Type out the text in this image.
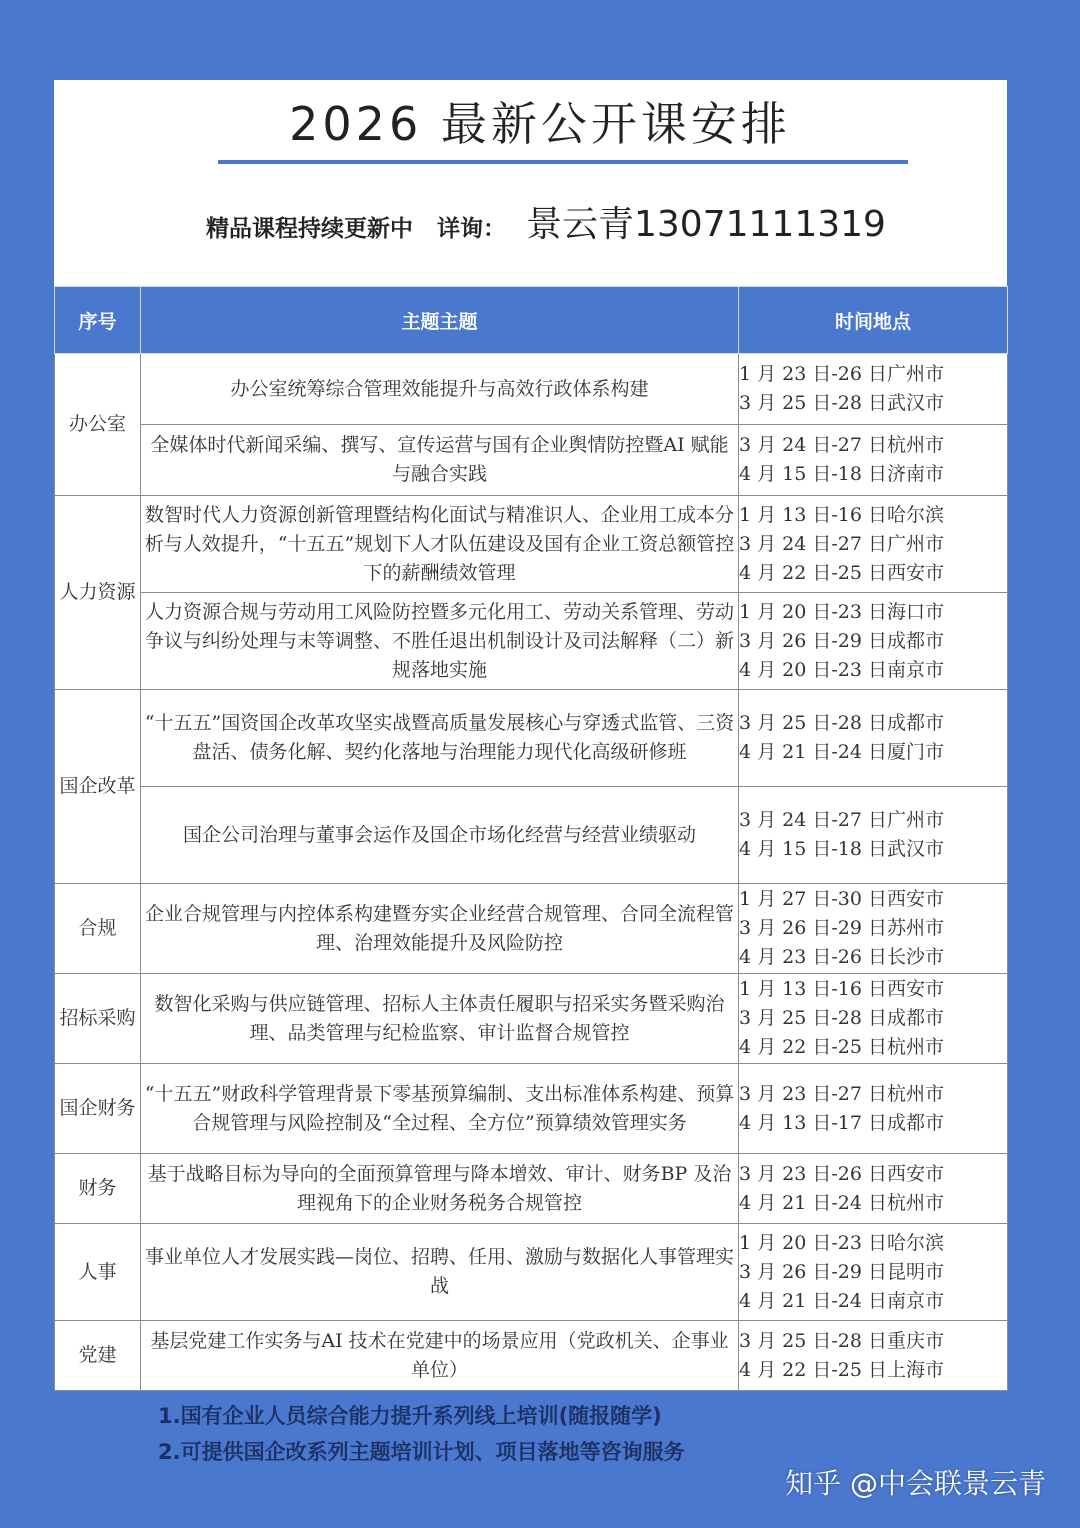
2026 最新公开课安排
精品课程持续更新中 详询： 景云青13071111319
序号	主题主题	时间地点
办公室	办公室统筹综合管理效能提升与高效行政体系构建	1 月 23 日-26 日广州市
3 月 25 日-28 日武汉市

	全媒体时代新闻采编、撰写、宣传运营与国有企业舆情防控暨AI 赋能与融合实践	3 月 24 日-27 日杭州市
4 月 15 日-18 日济南市

人力资源	数智时代人力资源创新管理暨结构化面试与精准识人、企业用工成本分析与人效提升，“十五五”规划下人才队伍建设及国有企业工资总额管控下的薪酬绩效管理	1 月 13 日-16 日哈尔滨
3 月 24 日-27 日广州市
4 月 22 日-25 日西安市

	人力资源合规与劳动用工风险防控暨多元化用工、劳动关系管理、劳动争议与纠纷处理与末等调整、不胜任退出机制设计及司法解释（二）新规落地实施	1 月 20 日-23 日海口市
3 月 26 日-29 日成都市
4 月 20 日-23 日南京市

国企改革	“十五五”国资国企改革攻坚实战暨高质量发展核心与穿透式监管、三资盘活、债务化解、契约化落地与治理能力现代化高级研修班	3 月 25 日-28 日成都市
4 月 21 日-24 日厦门市

	国企公司治理与董事会运作及国企市场化经营与经营业绩驱动	3 月 24 日-27 日广州市
4 月 15 日-18 日武汉市

合规	企业合规管理与内控体系构建暨夯实企业经营合规管理、合同全流程管理、治理效能提升及风险防控	1 月 27 日-30 日西安市
3 月 26 日-29 日苏州市
4 月 23 日-26 日长沙市

招标采购	数智化采购与供应链管理、招标人主体责任履职与招采实务暨采购治理、品类管理与纪检监察、审计监督合规管控	1 月 13 日-16 日西安市
3 月 25 日-28 日成都市
4 月 22 日-25 日杭州市

国企财务	“十五五”财政科学管理背景下零基预算编制、支出标准体系构建、预算合规管理与风险控制及“全过程、全方位”预算绩效管理实务	3 月 23 日-27 日杭州市
4 月 13 日-17 日成都市

财务	基于战略目标为导向的全面预算管理与降本增效、审计、财务BP 及治理视角下的企业财务税务合规管控	3 月 23 日-26 日西安市
4 月 21 日-24 日杭州市

人事	事业单位人才发展实践—岗位、招聘、任用、激励与数据化人事管理实战	1 月 20 日-23 日哈尔滨
3 月 26 日-29 日昆明市
4 月 21 日-24 日南京市

党建	基层党建工作实务与AI 技术在党建中的场景应用（党政机关、企事业单位）	3 月 25 日-28 日重庆市
4 月 22 日-25 日上海市
1.国有企业人员综合能力提升系列线上培训(随报随学)
2.可提供国企改系列主题培训计划、项目落地等咨询服务
知乎 @中会联景云青
